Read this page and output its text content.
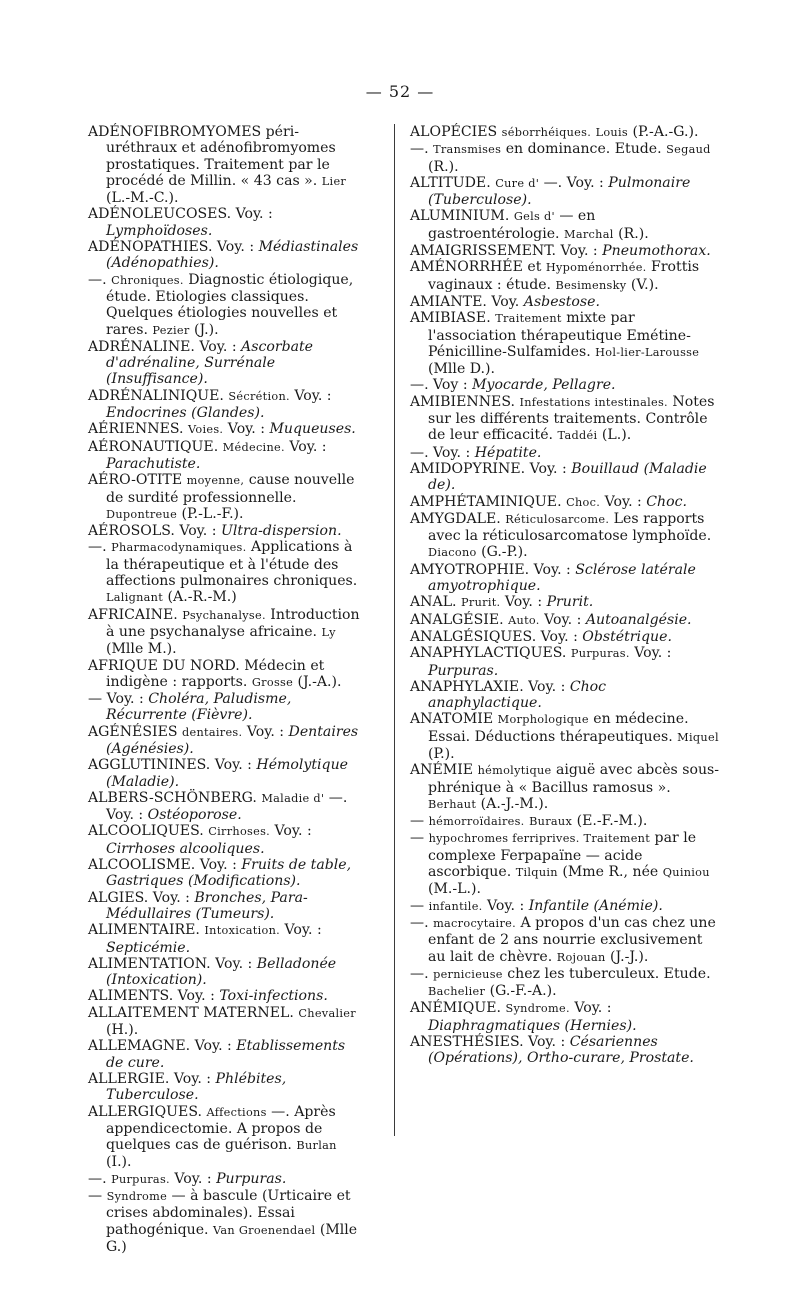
— 52 —

ADÉNOFIBROMYOMES péri-uréthraux et adénofibromyomes prostatiques. Traitement par le procédé de Millin. « 43 cas ». Lier (L.-M.-C.).

ADÉNOLEUCOSES. Voy. : Lymphoïdoses.

ADÉNOPATHIES. Voy. : Médiastinales (Adénopathies).

—. Chroniques. Diagnostic étiologique, étude. Etiologies classiques. Quelques étiologies nouvelles et rares. Pezier (J.).

ADRÉNALINE. Voy. : Ascorbate d'adrénaline, Surrénale (Insuffisance).

ADRÉNALINIQUE. Sécrétion. Voy. : Endocrines (Glandes).

AÉRIENNES. Voies. Voy. : Muqueuses.

AÉRONAUTIQUE. Médecine. Voy. : Parachutiste.

AÉRO-OTITE moyenne, cause nouvelle de surdité professionnelle. Dupontreue (P.-L.-F.).

AÉROSOLS. Voy. : Ultra-dispersion.

—. Pharmacodynamiques. Applications à la thérapeutique et à l'étude des affections pulmonaires chroniques. Lalignant (A.-R.-M.)

AFRICAINE. Psychanalyse. Introduction à une psychanalyse africaine. Ly (Mlle M.).

AFRIQUE DU NORD. Médecin et indigène : rapports. Grosse (J.-A.).

— Voy. : Choléra, Paludisme, Récurrente (Fièvre).

AGÉNÉSIES dentaires. Voy. : Dentaires (Agénésies).

AGGLUTININES. Voy. : Hémolytique (Maladie).

ALBERS-SCHÖNBERG. Maladie d' —. Voy. : Ostéoporose.

ALCOOLIQUES. Cirrhoses. Voy. : Cirrhoses alcooliques.

ALCOOLISME. Voy. : Fruits de table, Gastriques (Modifications).

ALGIES. Voy. : Bronches, Para-Médullaires (Tumeurs).

ALIMENTAIRE. Intoxication. Voy. : Septicémie.

ALIMENTATION. Voy. : Belladonée (Intoxication).

ALIMENTS. Voy. : Toxi-infections.

ALLAITEMENT MATERNEL. Chevalier (H.).

ALLEMAGNE. Voy. : Etablissements de cure.

ALLERGIE. Voy. : Phlébites, Tuberculose.

ALLERGIQUES. Affections —. Après appendicectomie. A propos de quelques cas de guérison. Burlan (I.).

—. Purpuras. Voy. : Purpuras.

— Syndrome — à bascule (Urticaire et crises abdominales). Essai pathogénique. Van Groenendael (Mlle G.)

ALOPÉCIES séborrhéiques. Louis (P.-A.-G.).

—. Transmises en dominance. Etude. Segaud (R.).

ALTITUDE. Cure d' —. Voy. : Pulmonaire (Tuberculose).

ALUMINIUM. Gels d' — en gastroentérologie. Marchal (R.).

AMAIGRISSEMENT. Voy. : Pneumothorax.

AMÉNORRHÉE et Hypoménorrhée. Frottis vaginaux : étude. Besimensky (V.).

AMIANTE. Voy. Asbestose.

AMIBIASE. Traitement mixte par l'association thérapeutique Emétine-Pénicilline-Sulfamides. Hol-lier-Larousse (Mlle D.).

—. Voy : Myocarde, Pellagre.

AMIBIENNES. Infestations intestinales. Notes sur les différents traitements. Contrôle de leur efficacité. Taddéi (L.).

—. Voy. : Hépatite.

AMIDOPYRINE. Voy. : Bouillaud (Maladie de).

AMPHÉTAMINIQUE. Choc. Voy. : Choc.

AMYGDALE. Réticulosarcome. Les rapports avec la réticulosarcomatose lymphoïde. Diacono (G.-P.).

AMYOTROPHIE. Voy. : Sclérose latérale amyotrophique.

ANAL. Prurit. Voy. : Prurit.

ANALGÉSIE. Auto. Voy. : Autoanalgésie.

ANALGÉSIQUES. Voy. : Obstétrique.

ANAPHYLACTIQUES. Purpuras. Voy. : Purpuras.

ANAPHYLAXIE. Voy. : Choc anaphylactique.

ANATOMIE Morphologique en médecine. Essai. Déductions thérapeutiques. Miquel (P.).

ANÉMIE hémolytique aiguë avec abcès sous-phrénique à « Bacillus ramosus ». Berhaut (A.-J.-M.).

— hémorroïdaires. Buraux (E.-F.-M.).

— hypochromes ferriprives. Traitement par le complexe Ferpapaïne — acide ascorbique. Tilquin (Mme R., née Quiniou (M.-L.).

— infantile. Voy. : Infantile (Anémie).

—. macrocytaire. A propos d'un cas chez une enfant de 2 ans nourrie exclusivement au lait de chèvre. Rojouan (J.-J.).

—. pernicieuse chez les tuberculeux. Etude. Bachelier (G.-F.-A.).

ANÉMIQUE. Syndrome. Voy. : Diaphragmatiques (Hernies).

ANESTHÉSIES. Voy. : Césariennes (Opérations), Ortho-curare, Prostate.
